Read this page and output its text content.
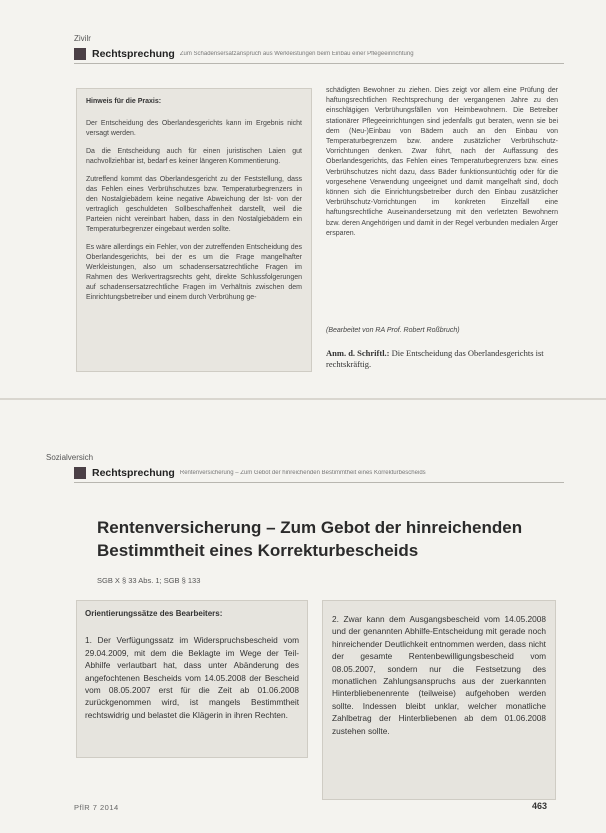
Zivilr
Rechtsprechung Zum Schadensersatzanspruch aus Werkleistungen beim Einbau einer Pflegeeinrichtung
Hinweis für die Praxis:

Der Entscheidung des Oberlandesgerichts kann im Ergebnis nicht versagt werden.

Da die Entscheidung auch für einen juristischen Laien gut nachvollziehbar ist, bedarf es keiner längeren Kommentierung.

Zutreffend kommt das Oberlandesgericht zu der Feststellung, dass das Fehlen eines Verbrühschutzes bzw. Temperaturbegrenzers in den Nostalgiebädern keine negative Abweichung der Ist- von der vertraglich geschuldeten Sollbeschaffenheit darstellt, weil die Parteien nicht vereinbart haben, dass in den Nostalgiebädern ein Temperaturbegrenzer eingebaut werden sollte.

Es wäre allerdings ein Fehler, von der zutreffenden Entscheidung des Oberlandesgerichts, bei der es um die Frage mangelhafter Werkleistungen, also um schadensersatzrechtliche Fragen im Rahmen des Werkvertragsrechts geht, direkte Schlussfolgerungen auf schadensersatzrechtliche Fragen im Verhältnis zwischen dem Einrichtungsbetreiber und einem durch Verbrühung ge-

schädigten Bewohner zu ziehen. Dies zeigt vor allem eine Prüfung der haftungsrechtlichen Rechtsprechung der vergangenen Jahre zu den einschlägigen Verbrühungsfällen von Heimbewohnern. Die Betreiber stationärer Pflegeeinrichtungen sind jedenfalls gut beraten, wenn sie bei dem (Neu-)Einbau von Bädern auch an den Einbau von Temperaturbegrenzern bzw. andere zusätzlicher Verbrühschutz-Vorrichtungen denken. Zwar führt, nach der Auffassung des Oberlandesgerichts, das Fehlen eines Temperaturbegrenzers bzw. eines Verbrühschutzes nicht dazu, dass Bäder funktionsuntüchtig oder für die vorgesehene Verwendung ungeeignet und damit mangelhaft sind, doch können sich die Einrichtungsbetreiber durch den Einbau zusätzlicher Verbrühschutz-Vorrichtungen im konkreten Einzelfall eine haftungsrechtliche Auseinandersetzung mit den verletzten Bewohnern bzw. deren Angehörigen und damit in der Regel verbunden medialen Ärger ersparen.
(Bearbeitet von RA Prof. Robert Roßbruch)
Anm. d. Schriftl.: Die Entscheidung das Oberlandesgerichts ist rechtskräftig.
Sozialversich
Rechtsprechung Rentenversicherung – Zum Gebot der hinreichenden Bestimmtheit eines Korrekturbescheids
Rentenversicherung – Zum Gebot der hinreichenden Bestimmtheit eines Korrekturbescheids
SGB X § 33 Abs. 1; SGB § 133
Orientierungssätze des Bearbeiters:

1. Der Verfügungssatz im Widerspruchsbescheid vom 29.04.2009, mit dem die Beklagte im Wege der Teil-Abhilfe verlautbart hat, dass unter Abänderung des angefochtenen Bescheids vom 14.05.2008 der Bescheid vom 08.05.2007 erst für die Zeit ab 01.06.2008 zurückgenommen wird, ist mangels Bestimmtheit rechtswidrig und belastet die Klägerin in ihren Rechten.

2. Zwar kann dem Ausgangsbescheid vom 14.05.2008 und der genannten Abhilfe-Entscheidung mit gerade noch hinreichender Deutlichkeit entnommen werden, dass nicht der gesamte Rentenbewilligungsbescheid vom 08.05.2007, sondern nur die Festsetzung des monatlichen Zahlungsanspruchs aus der zuerkannten Hinterbliebenenrente (teilweise) aufgehoben werden sollte. Indessen bleibt unklar, welcher monatliche Zahlbetrag der Hinterbliebenen ab dem 01.06.2008 zustehen sollte.
PflR 7 2014	463
